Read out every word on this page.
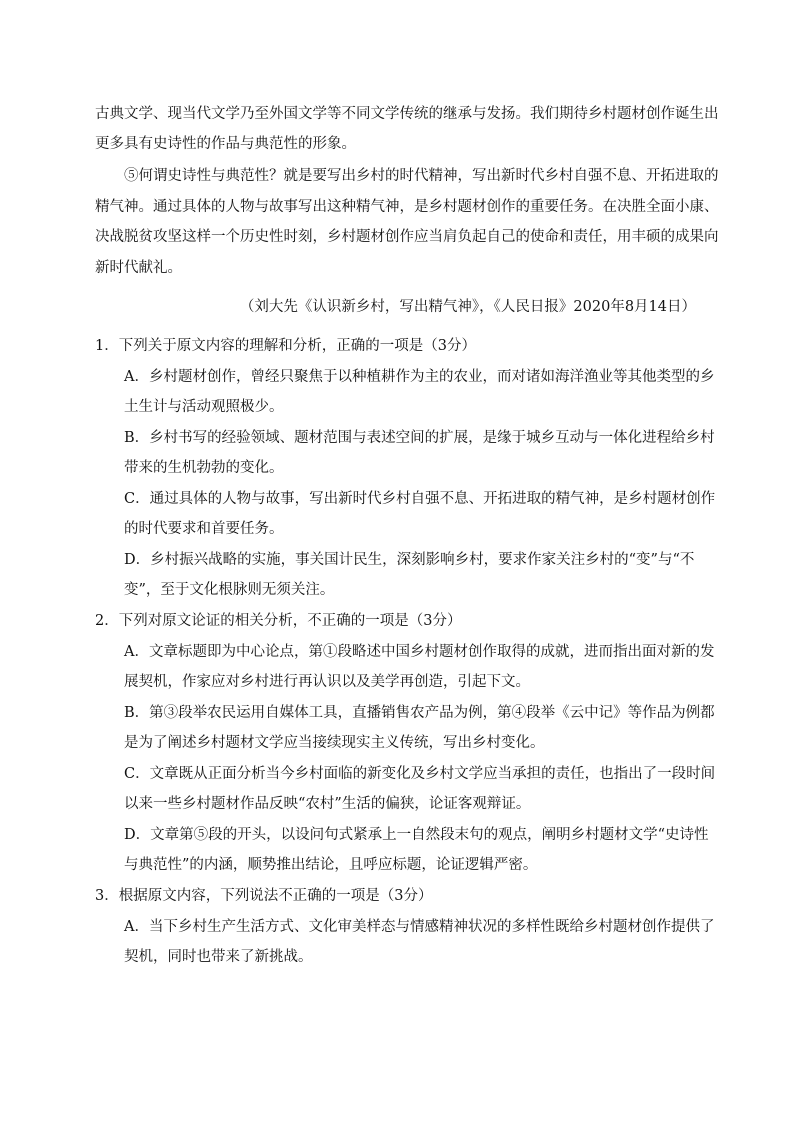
古典文学、现当代文学乃至外国文学等不同文学传统的继承与发扬。我们期待乡村题材创作诞生出
更多具有史诗性的作品与典范性的形象。
⑤何谓史诗性与典范性？就是要写出乡村的时代精神，写出新时代乡村自强不息、开拓进取的
精气神。通过具体的人物与故事写出这种精气神，是乡村题材创作的重要任务。在决胜全面小康、
决战脱贫攻坚这样一个历史性时刻，乡村题材创作应当肩负起自己的使命和责任，用丰硕的成果向
新时代献礼。
（刘大先《认识新乡村，写出精气神》，《人民日报》2020年8月14日）
1．下列关于原文内容的理解和分析，正确的一项是（3分）
A．乡村题材创作，曾经只聚焦于以种植耕作为主的农业，而对诸如海洋渔业等其他类型的乡
土生计与活动观照极少。
B．乡村书写的经验领域、题材范围与表述空间的扩展，是缘于城乡互动与一体化进程给乡村
带来的生机勃勃的变化。
C．通过具体的人物与故事，写出新时代乡村自强不息、开拓进取的精气神，是乡村题材创作
的时代要求和首要任务。
D．乡村振兴战略的实施，事关国计民生，深刻影响乡村，要求作家关注乡村的“变”与“不
变”，至于文化根脉则无须关注。
2．下列对原文论证的相关分析，不正确的一项是（3分）
A．文章标题即为中心论点，第①段略述中国乡村题材创作取得的成就，进而指出面对新的发
展契机，作家应对乡村进行再认识以及美学再创造，引起下文。
B．第③段举农民运用自媒体工具，直播销售农产品为例，第④段举《云中记》等作品为例都
是为了阐述乡村题材文学应当接续现实主义传统，写出乡村变化。
C．文章既从正面分析当今乡村面临的新变化及乡村文学应当承担的责任，也指出了一段时间
以来一些乡村题材作品反映“农村”生活的偏狭，论证客观辩证。
D．文章第⑤段的开头，以设问句式紧承上一自然段末句的观点，阐明乡村题材文学“史诗性
与典范性”的内涵，顺势推出结论，且呼应标题，论证逻辑严密。
3．根据原文内容，下列说法不正确的一项是（3分）
A．当下乡村生产生活方式、文化审美样态与情感精神状况的多样性既给乡村题材创作提供了
契机，同时也带来了新挑战。
